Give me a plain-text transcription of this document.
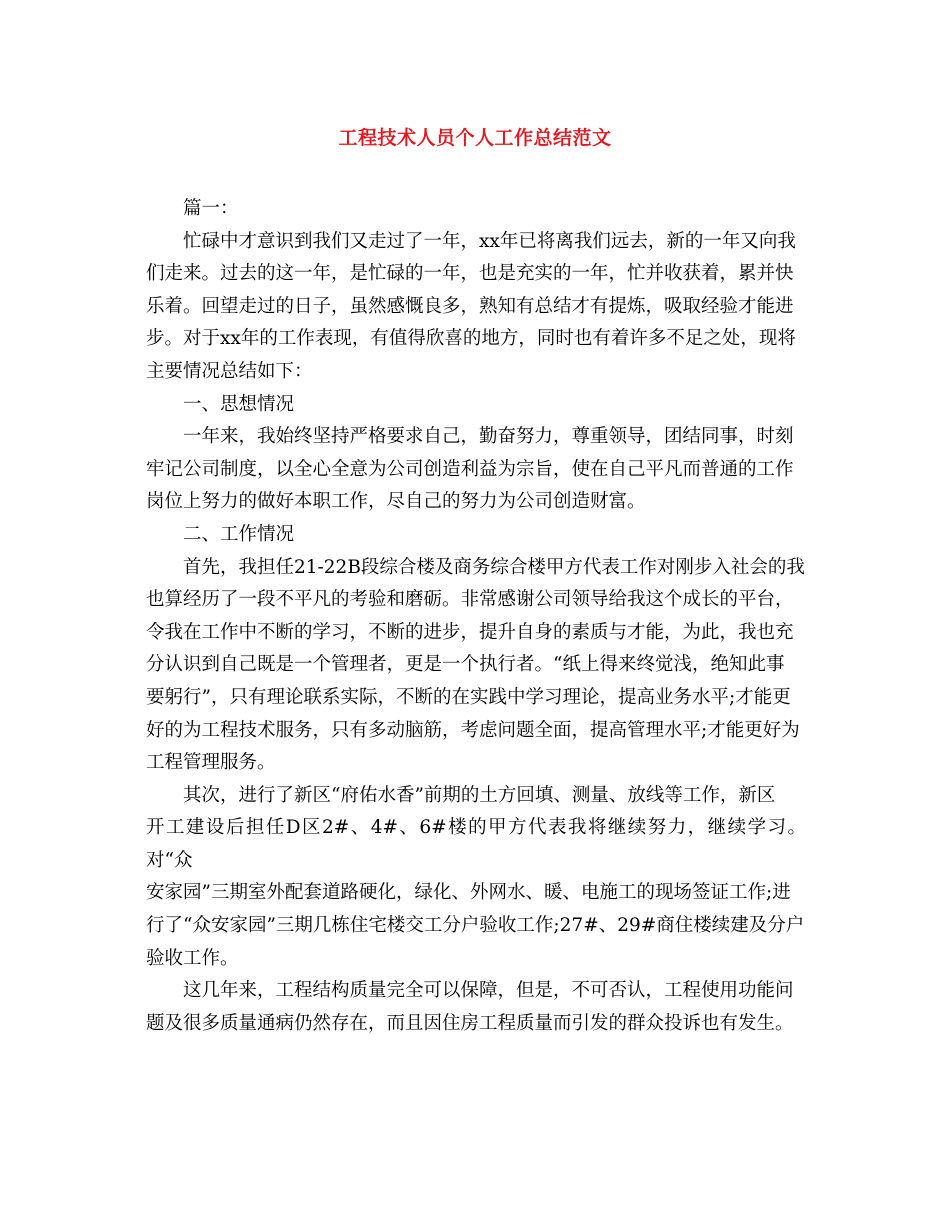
工程技术人员个人工作总结范文

篇一：

忙碌中才意识到我们又走过了一年，xx年已将离我们远去，新的一年又向我
们走来。过去的这一年，是忙碌的一年，也是充实的一年，忙并收获着，累并快
乐着。回望走过的日子，虽然感慨良多，熟知有总结才有提炼，吸取经验才能进
步。对于xx年的工作表现，有值得欣喜的地方，同时也有着许多不足之处，现将
主要情况总结如下：

一、思想情况

一年来，我始终坚持严格要求自己，勤奋努力，尊重领导，团结同事，时刻
牢记公司制度，以全心全意为公司创造利益为宗旨，使在自己平凡而普通的工作
岗位上努力的做好本职工作，尽自己的努力为公司创造财富。

二、工作情况

首先，我担任21-22B段综合楼及商务综合楼甲方代表工作对刚步入社会的我
也算经历了一段不平凡的考验和磨砺。非常感谢公司领导给我这个成长的平台，
令我在工作中不断的学习，不断的进步，提升自身的素质与才能，为此，我也充
分认识到自己既是一个管理者，更是一个执行者。“纸上得来终觉浅，绝知此事
要躬行”，只有理论联系实际，不断的在实践中学习理论，提高业务水平;才能更
好的为工程技术服务，只有多动脑筋，考虑问题全面，提高管理水平;才能更好为
工程管理服务。

其次，进行了新区“府佑水香”前期的土方回填、测量、放线等工作，新区
开工建设后担任D区2#、4#、6#楼的甲方代表我将继续努力，继续学习。对“众
安家园”三期室外配套道路硬化，绿化、外网水、暖、电施工的现场签证工作;进
行了“众安家园”三期几栋住宅楼交工分户验收工作;27#、29#商住楼续建及分户
验收工作。

这几年来，工程结构质量完全可以保障，但是，不可否认，工程使用功能问
题及很多质量通病仍然存在，而且因住房工程质量而引发的群众投诉也有发生。
